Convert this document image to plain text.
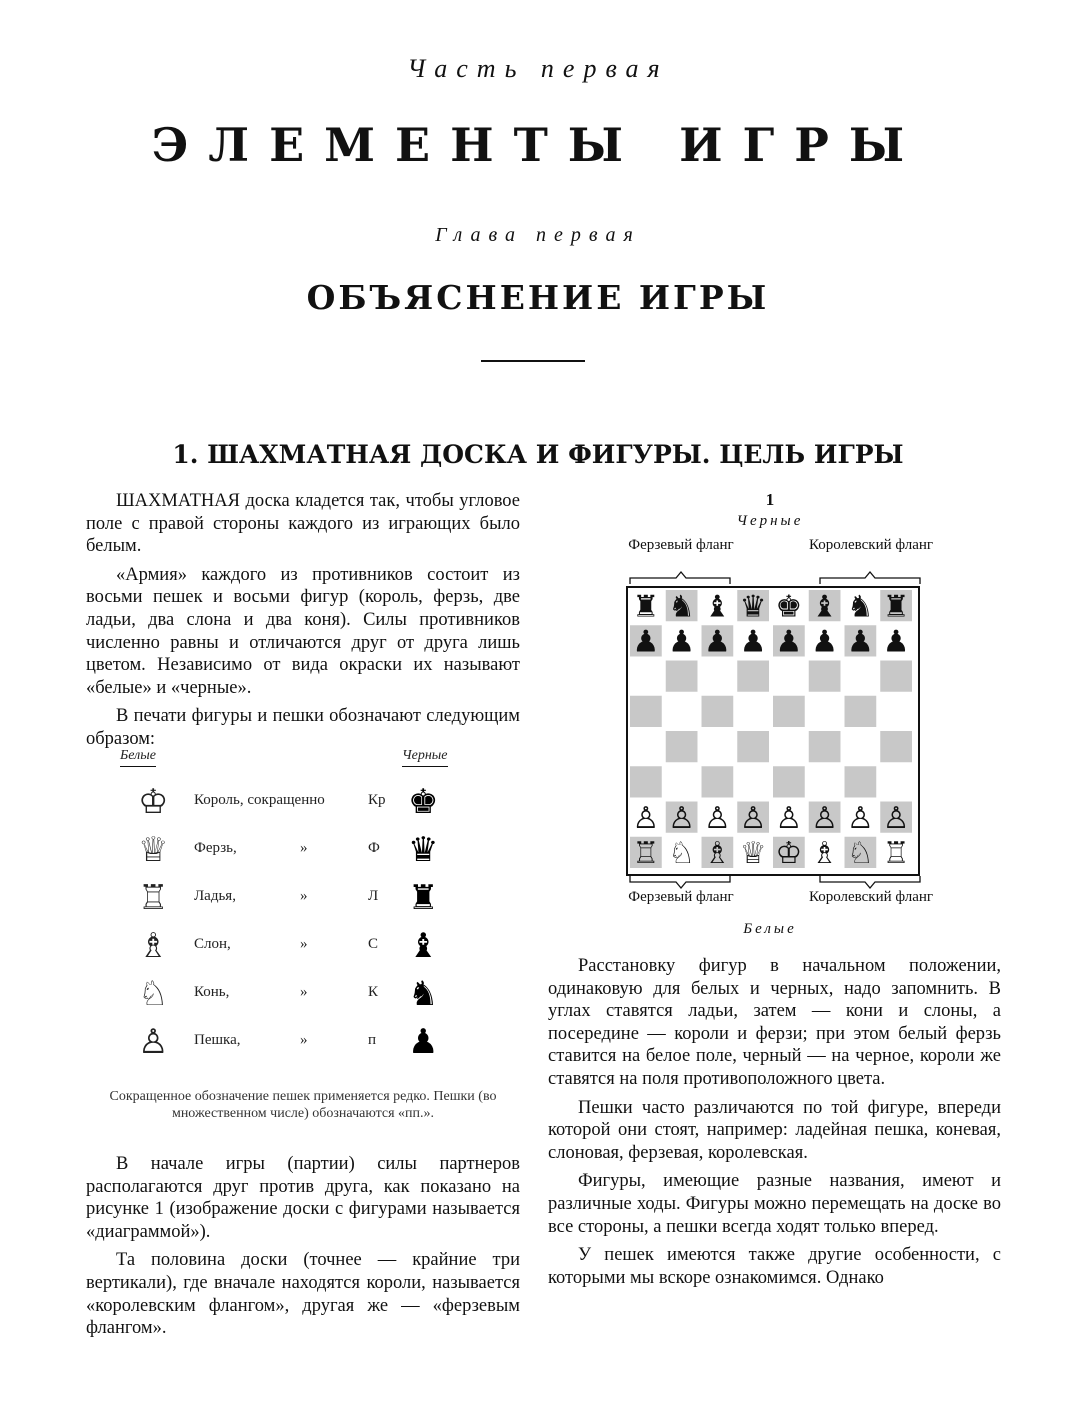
Часть первая
ЭЛЕМЕНТЫ ИГРЫ
Глава первая
ОБЪЯСНЕНИЕ ИГРЫ
1. ШАХМАТНАЯ ДОСКА И ФИГУРЫ. ЦЕЛЬ ИГРЫ

ШАХМАТНАЯ доска кладется так, чтобы угловое поле с правой стороны каждого из играющих было белым.

«Армия» каждого из противников состоит из восьми пешек и восьми фигур (король, ферзь, две ладьи, два слона и два коня). Силы противников численно равны и отличаются друг от друга лишь цветом. Независимо от вида окраски их называют «белые» и «черные».

В печати фигуры и пешки обозначают следующим образом:

Белые	Черные
♔ Король, сокращенно	Кр ♚
♕ Ферзь,	»	Ф ♛
♖ Ладья,	»	Л ♜
♗ Слон,	»	С ♝
♘ Конь,	»	К ♞
♙ Пешка,	»	п ♟
Сокращенное обозначение пешек применяется редко. Пешки (во множественном числе) обозначаются «пп.».

В начале игры (партии) силы партнеров располагаются друг против друга, как показано на рисунке 1 (изображение доски с фигурами называется «диаграммой»).

Та половина доски (точнее — крайние три вертикали), где вначале находятся короли, называется «королевским флангом», другая же — «ферзевым флангом».

1
Черные
Ферзевый фланг	Королевский фланг
♜ ♞ ♝ ♛ ♚ ♝ ♞ ♜
♟ ♟ ♟ ♟ ♟ ♟ ♟ ♟
♙ ♙ ♙ ♙ ♙ ♙ ♙ ♙
♖ ♘ ♗ ♕ ♔ ♗ ♘ ♖
Ферзевый фланг	Королевский фланг
Белые

Расстановку фигур в начальном положении, одинаковую для белых и черных, надо запомнить. В углах ставятся ладьи, затем — кони и слоны, а посередине — короли и ферзи; при этом белый ферзь ставится на белое поле, черный — на черное, короли же ставятся на поля противоположного цвета.

Пешки часто различаются по той фигуре, впереди которой они стоят, например: ладейная пешка, коневая, слоновая, ферзевая, королевская.

Фигуры, имеющие разные названия, имеют и различные ходы. Фигуры можно перемещать на доске во все стороны, а пешки всегда ходят только вперед.

У пешек имеются также другие особенности, с которыми мы вскоре ознакомимся. Однако
